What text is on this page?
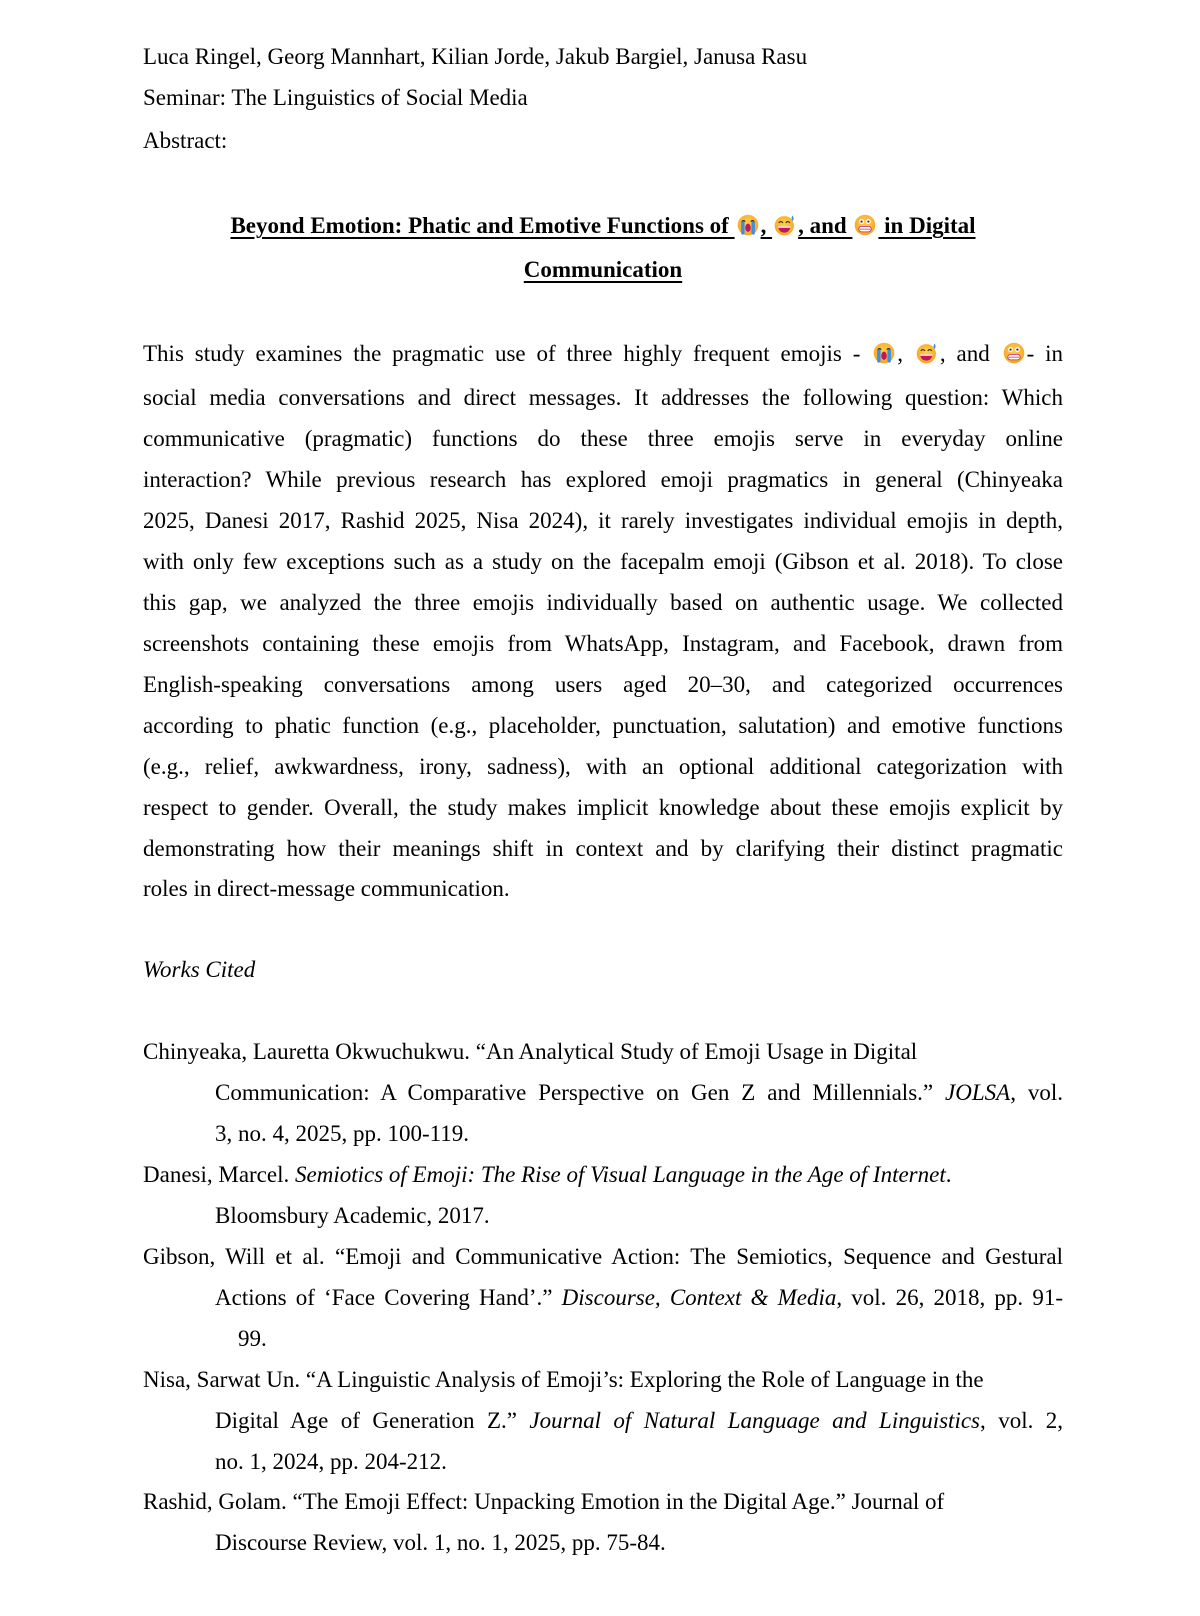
Luca Ringel, Georg Mannhart, Kilian Jorde, Jakub Bargiel, Janusa Rasu
Seminar: The Linguistics of Social Media
Abstract:
Beyond Emotion: Phatic and Emotive Functions of
,
, and
in Digital
Communication
This study examines the pragmatic use of three highly frequent emojis -
,
, and
- in
social media conversations and direct messages. It addresses the following question: Which
communicative (pragmatic) functions do these three emojis serve in everyday online
interaction? While previous research has explored emoji pragmatics in general (Chinyeaka
2025, Danesi 2017, Rashid 2025, Nisa 2024), it rarely investigates individual emojis in depth,
with only few exceptions such as a study on the facepalm emoji (Gibson et al. 2018). To close
this gap, we analyzed the three emojis individually based on authentic usage. We collected
screenshots containing these emojis from WhatsApp, Instagram, and Facebook, drawn from
English-speaking conversations among users aged 20–30, and categorized occurrences
according to phatic function (e.g., placeholder, punctuation, salutation) and emotive functions
(e.g., relief, awkwardness, irony, sadness), with an optional additional categorization with
respect to gender. Overall, the study makes implicit knowledge about these emojis explicit by
demonstrating how their meanings shift in context and by clarifying their distinct pragmatic
roles in direct-message communication.
Works Cited
Chinyeaka, Lauretta Okwuchukwu. “An Analytical Study of Emoji Usage in Digital
Communication: A Comparative Perspective on Gen Z and Millennials.” JOLSA, vol.
3, no. 4, 2025, pp. 100-119.
Danesi, Marcel. Semiotics of Emoji: The Rise of Visual Language in the Age of Internet.
Bloomsbury Academic, 2017.
Gibson, Will et al. “Emoji and Communicative Action: The Semiotics, Sequence and Gestural
Actions of ‘Face Covering Hand’.” Discourse, Context & Media, vol. 26, 2018, pp. 91-
99.
Nisa, Sarwat Un. “A Linguistic Analysis of Emoji’s: Exploring the Role of Language in the
Digital Age of Generation Z.” Journal of Natural Language and Linguistics, vol. 2,
no. 1, 2024, pp. 204-212.
Rashid, Golam. “The Emoji Effect: Unpacking Emotion in the Digital Age.” Journal of
Discourse Review, vol. 1, no. 1, 2025, pp. 75-84.
